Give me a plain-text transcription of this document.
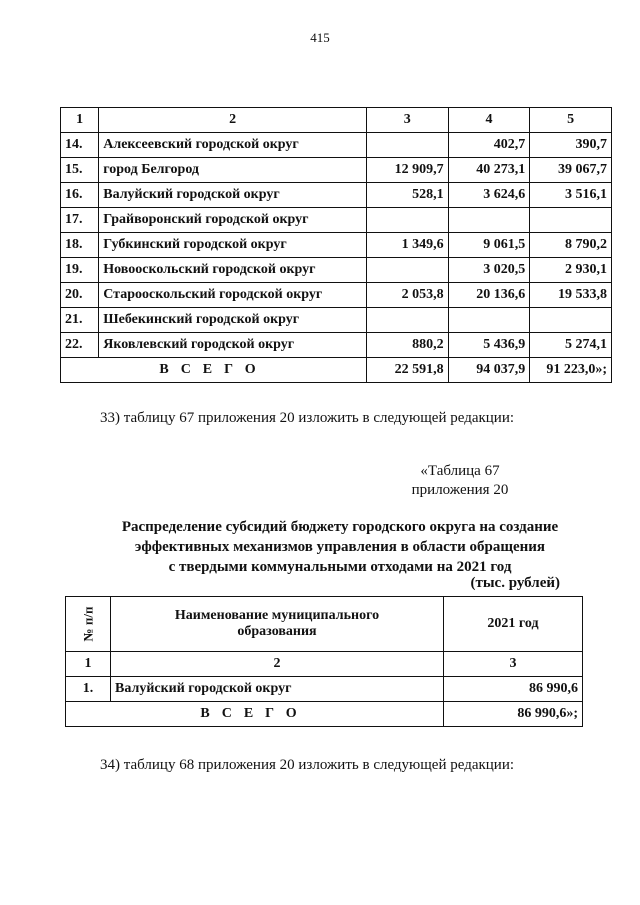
415
1	2	3	4	5
14.	Алексеевский городской округ		402,7	390,7
15.	город Белгород	12 909,7	40 273,1	39 067,7
16.	Валуйский городской округ	528,1	3 624,6	3 516,1
17.	Грайворонский городской округ			
18.	Губкинский городской округ	1 349,6	9 061,5	8 790,2
19.	Новооскольский городской округ		3 020,5	2 930,1
20.	Старооскольский городской округ	2 053,8	20 136,6	19 533,8
21.	Шебекинский городской округ			
22.	Яковлевский городской округ	880,2	5 436,9	5 274,1
ВСЕГО		22 591,8	94 037,9	91 223,0»;
33) таблицу 67 приложения 20 изложить в следующей редакции:
«Таблица 67
приложения 20
Распределение субсидий бюджету городского округа на создание
эффективных механизмов управления в области обращения
с твердыми коммунальными отходами на 2021 год
(тыс. рублей)
№ п/п	Наименование муниципального образования	2021 год
1	2	3
1.	Валуйский городской округ	86 990,6
ВСЕГО		86 990,6»;
34) таблицу 68 приложения 20 изложить в следующей редакции:
